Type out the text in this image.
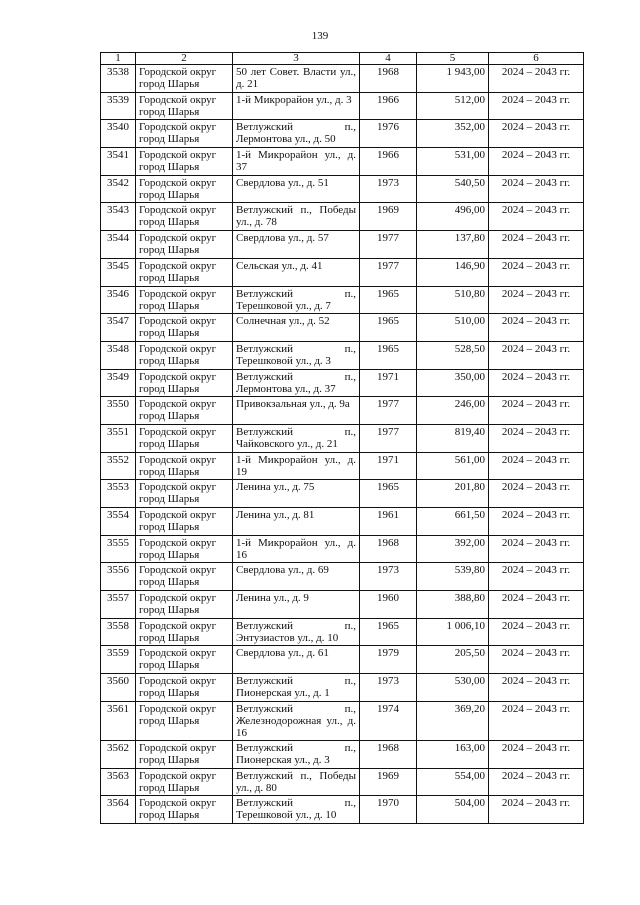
139
1	2	3	4	5	6
3538	Городской округ город Шарья	50 лет Совет. Власти ул., д. 21	1968	1 943,00	2024 – 2043 гг.
3539	Городской округ город Шарья	1-й Микрорайон ул., д. 3	1966	512,00	2024 – 2043 гг.
3540	Городской округ город Шарья	Ветлужский п., Лермонтова ул., д. 50	1976	352,00	2024 – 2043 гг.
3541	Городской округ город Шарья	1-й Микрорайон ул., д. 37	1966	531,00	2024 – 2043 гг.
3542	Городской округ город Шарья	Свердлова ул., д. 51	1973	540,50	2024 – 2043 гг.
3543	Городской округ город Шарья	Ветлужский п., Победы ул., д. 78	1969	496,00	2024 – 2043 гг.
3544	Городской округ город Шарья	Свердлова ул., д. 57	1977	137,80	2024 – 2043 гг.
3545	Городской округ город Шарья	Сельская ул., д. 41	1977	146,90	2024 – 2043 гг.
3546	Городской округ город Шарья	Ветлужский п., Терешковой ул., д. 7	1965	510,80	2024 – 2043 гг.
3547	Городской округ город Шарья	Солнечная ул., д. 52	1965	510,00	2024 – 2043 гг.
3548	Городской округ город Шарья	Ветлужский п., Терешковой ул., д. 3	1965	528,50	2024 – 2043 гг.
3549	Городской округ город Шарья	Ветлужский п., Лермонтова ул., д. 37	1971	350,00	2024 – 2043 гг.
3550	Городской округ город Шарья	Привокзальная ул., д. 9а	1977	246,00	2024 – 2043 гг.
3551	Городской округ город Шарья	Ветлужский п., Чайковского ул., д. 21	1977	819,40	2024 – 2043 гг.
3552	Городской округ город Шарья	1-й Микрорайон ул., д. 19	1971	561,00	2024 – 2043 гг.
3553	Городской округ город Шарья	Ленина ул., д. 75	1965	201,80	2024 – 2043 гг.
3554	Городской округ город Шарья	Ленина ул., д. 81	1961	661,50	2024 – 2043 гг.
3555	Городской округ город Шарья	1-й Микрорайон ул., д. 16	1968	392,00	2024 – 2043 гг.
3556	Городской округ город Шарья	Свердлова ул., д. 69	1973	539,80	2024 – 2043 гг.
3557	Городской округ город Шарья	Ленина ул., д. 9	1960	388,80	2024 – 2043 гг.
3558	Городской округ город Шарья	Ветлужский п., Энтузиастов ул., д. 10	1965	1 006,10	2024 – 2043 гг.
3559	Городской округ город Шарья	Свердлова ул., д. 61	1979	205,50	2024 – 2043 гг.
3560	Городской округ город Шарья	Ветлужский п., Пионерская ул., д. 1	1973	530,00	2024 – 2043 гг.
3561	Городской округ город Шарья	Ветлужский п., Железнодорожная ул., д. 16	1974	369,20	2024 – 2043 гг.
3562	Городской округ город Шарья	Ветлужский п., Пионерская ул., д. 3	1968	163,00	2024 – 2043 гг.
3563	Городской округ город Шарья	Ветлужский п., Победы ул., д. 80	1969	554,00	2024 – 2043 гг.
3564	Городской округ город Шарья	Ветлужский п., Терешковой ул., д. 10	1970	504,00	2024 – 2043 гг.
